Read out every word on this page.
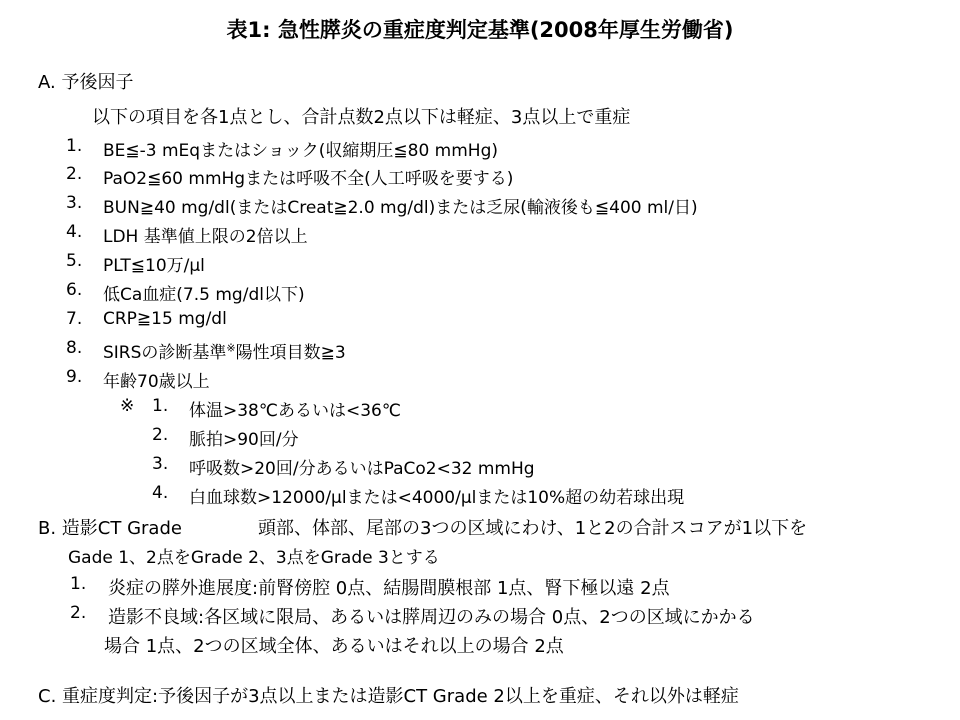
表1: 急性膵炎の重症度判定基準(2008年厚生労働省)
A. 予後因子
以下の項目を各1点とし、合計点数2点以下は軽症、3点以上で重症
1. BE≦-3 mEqまたはショック(収縮期圧≦80 mmHg)
2. PaO2≦60 mmHgまたは呼吸不全(人工呼吸を要する)
3. BUN≧40 mg/dl(またはCreat≧2.0 mg/dl)または乏尿(輸液後も≦400 ml/日)
4. LDH 基準値上限の2倍以上
5. PLT≦10万/μl
6. 低Ca血症(7.5 mg/dl以下)
7. CRP≧15 mg/dl
8. SIRSの診断基準※陽性項目数≧3
9. 年齢70歳以上
※ 1. 体温>38℃あるいは<36℃
2. 脈拍>90回/分
3. 呼吸数>20回/分あるいはPaCo2<32 mmHg
4. 白血球数>12000/μlまたは<4000/μlまたは10%超の幼若球出現
B. 造影CT Grade	頭部、体部、尾部の3つの区域にわけ、1と2の合計スコアが1以下を
Gade 1、2点をGrade 2、3点をGrade 3とする
1. 炎症の膵外進展度:前腎傍腔 0点、結腸間膜根部 1点、腎下極以遠 2点
2. 造影不良域:各区域に限局、あるいは膵周辺のみの場合 0点、2つの区域にかかる
場合 1点、2つの区域全体、あるいはそれ以上の場合 2点
C. 重症度判定:予後因子が3点以上または造影CT Grade 2以上を重症、それ以外は軽症
